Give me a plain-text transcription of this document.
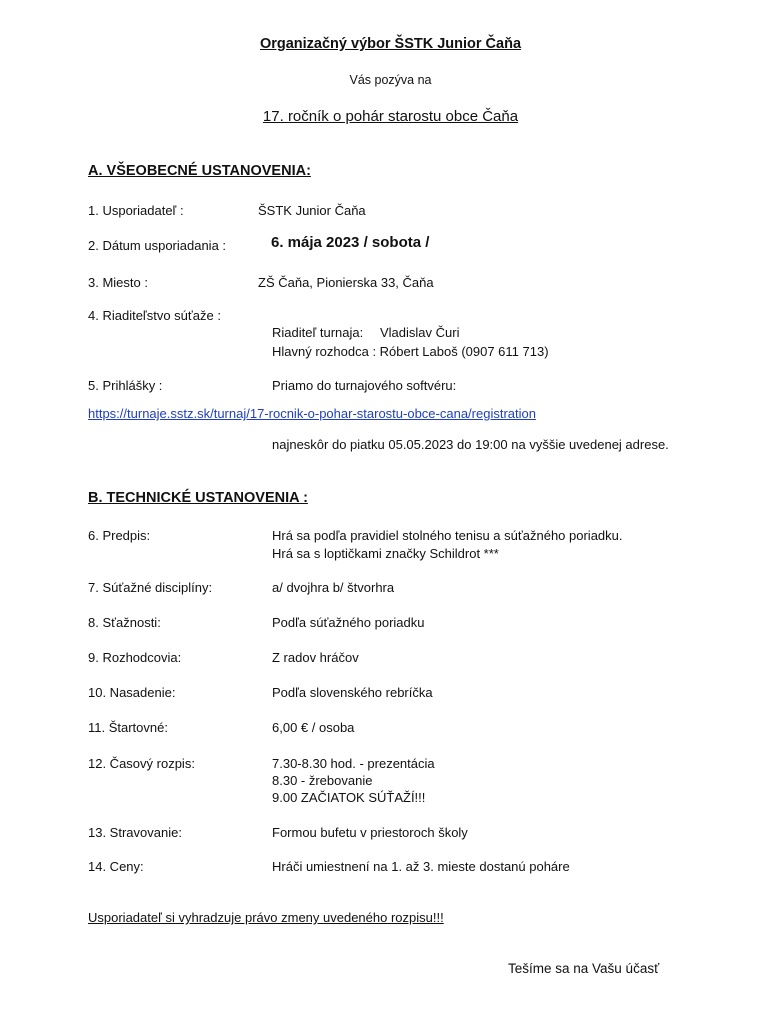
Organizačný výbor ŠSTK Junior Čaňa
Vás pozýva na
17. ročník o pohár starostu obce Čaňa
A. VŠEOBECNÉ USTANOVENIA:
1. Usporiadateľ :	ŠSTK Junior Čaňa
2. Dátum usporiadania :	6. mája 2023 / sobota /
3. Miesto :	ZŠ Čaňa, Pionierska 33, Čaňa
4. Riaditeľstvo súťaže :
Riaditeľ turnaja: Vladislav Čuri
Hlavný rozhodca : Róbert Laboš (0907 611 713)
5. Prihlášky :	Priamo do turnajového softvéru:
https://turnaje.sstz.sk/turnaj/17-rocnik-o-pohar-starostu-obce-cana/registration
najneskôr do piatku 05.05.2023 do 19:00 na vyššie uvedenej adrese.
B. TECHNICKÉ USTANOVENIA :
6. Predpis:	Hrá sa podľa pravidiel stolného tenisu a súťažného poriadku.
Hrá sa s loptičkami značky Schildrot ***
7. Súťažné disciplíny:	a/ dvojhra b/ štvorhra
8. Sťažnosti:	Podľa súťažného poriadku
9. Rozhodcovia:	Z radov hráčov
10. Nasadenie:	Podľa slovenského rebríčka
11. Štartovné:	6,00 € / osoba
12. Časový rozpis:	7.30-8.30 hod. - prezentácia
8.30 - žrebovanie
9.00 ZAČIATOK SÚŤAŽÍ!!!
13. Stravovanie:	Formou bufetu v priestoroch školy
14. Ceny:	Hráči umiestnení na 1. až 3. mieste dostanú poháre
Usporiadateľ si vyhradzuje právo zmeny uvedeného rozpisu!!!
Tešíme sa na Vašu účasť
